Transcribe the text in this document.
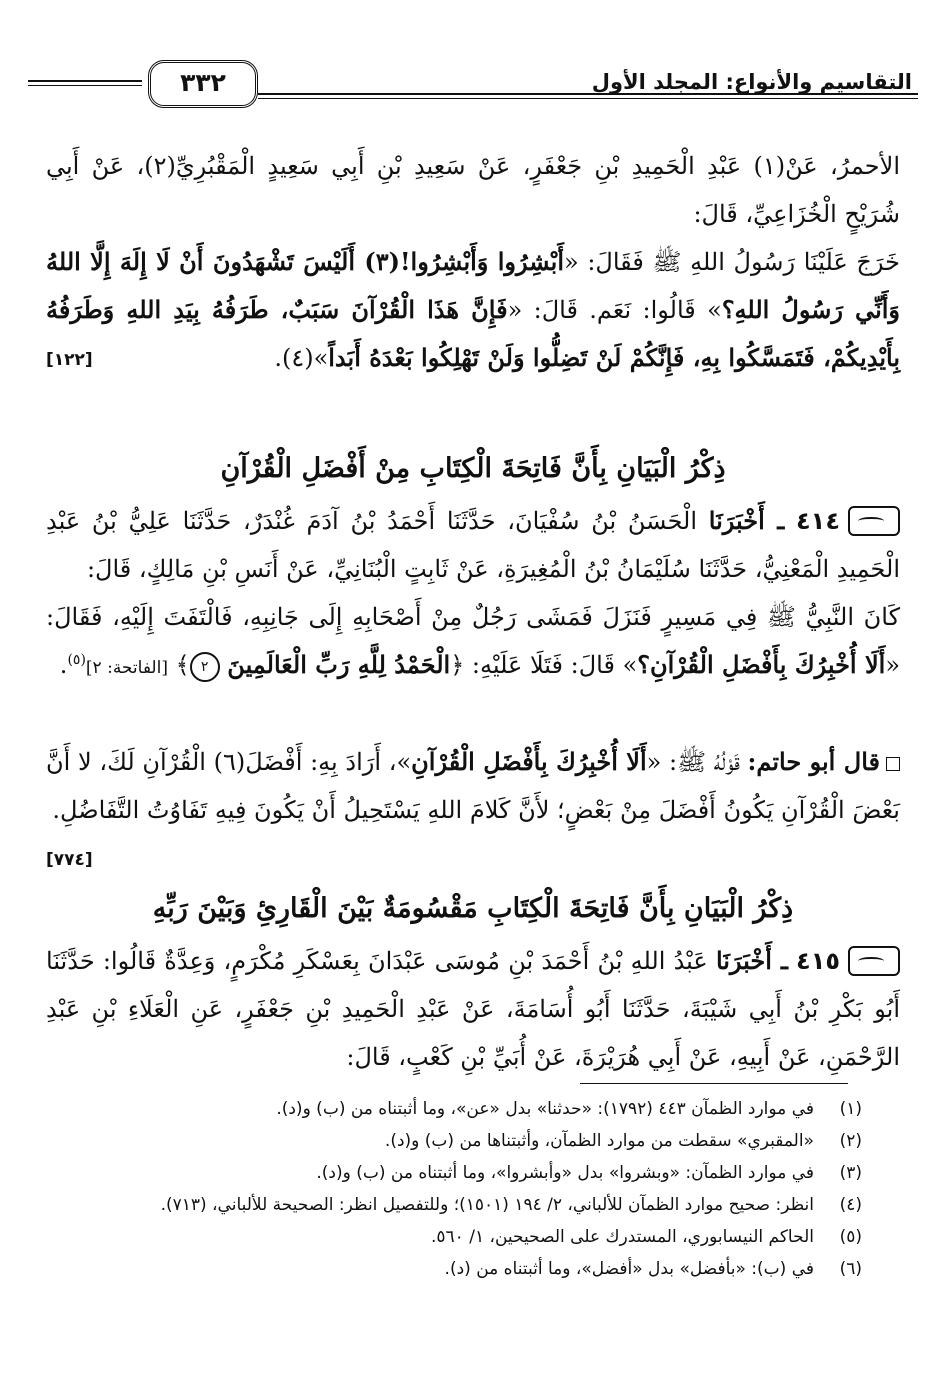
التقاسيم والأنواع: المجلد الأول
٣٣٢
الأحمرُ، عَنْ(١) عَبْدِ الْحَمِيدِ بْنِ جَعْفَرٍ، عَنْ سَعِيدِ بْنِ أَبِي سَعِيدٍ الْمَقْبُرِيِّ(٢)، عَنْ أَبِي شُرَيْحٍ الْخُزَاعِيِّ، قَالَ:
خَرَجَ عَلَيْنَا رَسُولُ اللهِ ﷺ فَقَالَ: «أَبْشِرُوا وَأَبْشِرُوا!(٣) أَلَيْسَ تَشْهَدُونَ أَنْ لَا إِلَهَ إِلَّا اللهُ وَأَنِّي رَسُولُ اللهِ؟» قَالُوا: نَعَم. قَالَ: «فَإِنَّ هَذَا الْقُرْآنَ سَبَبٌ، طَرَفُهُ بِيَدِ اللهِ وَطَرَفُهُ بِأَيْدِيكُمْ، فَتَمَسَّكُوا بِهِ، فَإِنَّكُمْ لَنْ تَضِلُّوا وَلَنْ تَهْلِكُوا بَعْدَهُ أَبَداً»(٤).
[١٢٢]
ذِكْرُ الْبَيَانِ بِأَنَّ فَاتِحَةَ الْكِتَابِ مِنْ أَفْضَلِ الْقُرْآنِ
٤١٤ ـ أَخْبَرَنَا الْحَسَنُ بْنُ سُفْيَانَ، حَدَّثَنَا أَحْمَدُ بْنُ آدَمَ غُنْدَرٌ، حَدَّثَنَا عَلِيُّ بْنُ عَبْدِ الْحَمِيدِ الْمَعْنِيُّ، حَدَّثَنَا سُلَيْمَانُ بْنُ الْمُغِيرَةِ، عَنْ ثَابِتٍ الْبُنَانِيِّ، عَنْ أَنَسِ بْنِ مَالِكٍ، قَالَ:
كَانَ النَّبِيُّ ﷺ فِي مَسِيرٍ فَنَزَلَ فَمَشَى رَجُلٌ مِنْ أَصْحَابِهِ إِلَى جَانِبِهِ، فَالْتَفَتَ إِلَيْهِ، فَقَالَ: «أَلَا أُخْبِرُكَ بِأَفْضَلِ الْقُرْآنِ؟» قَالَ: فَتَلَا عَلَيْهِ: ﴿الْحَمْدُ لِلَّهِ رَبِّ الْعَالَمِينَ ٢﴾ [الفاتحة: ٢]$^{(٥)}$.
قال أبو حاتم: قَوْلُهُ ﷺ: «أَلَا أُخْبِرُكَ بِأَفْضَلِ الْقُرْآنِ»، أَرَادَ بِهِ: أَفْضَلَ(٦) الْقُرْآنِ لَكَ، لا أَنَّ بَعْضَ الْقُرْآنِ يَكُونُ أَفْضَلَ مِنْ بَعْضٍ؛ لأَنَّ كَلامَ اللهِ يَسْتَحِيلُ أَنْ يَكُونَ فِيهِ تَفَاوُتُ التَّفَاضُلِ.
[٧٧٤]
ذِكْرُ الْبَيَانِ بِأَنَّ فَاتِحَةَ الْكِتَابِ مَقْسُومَةٌ بَيْنَ الْقَارِئِ وَبَيْنَ رَبِّهِ
٤١٥ ـ أَخْبَرَنَا عَبْدُ اللهِ بْنُ أَحْمَدَ بْنِ مُوسَى عَبْدَانَ بِعَسْكَرِ مُكْرَمٍ، وَعِدَّةٌ قَالُوا: حَدَّثَنَا أَبُو بَكْرِ بْنُ أَبِي شَيْبَةَ، حَدَّثَنَا أَبُو أُسَامَةَ، عَنْ عَبْدِ الْحَمِيدِ بْنِ جَعْفَرٍ، عَنِ الْعَلَاءِ بْنِ عَبْدِ الرَّحْمَنِ، عَنْ أَبِيهِ، عَنْ أَبِي هُرَيْرَةَ، عَنْ أُبَيِّ بْنِ كَعْبٍ، قَالَ:
(١)
في موارد الظمآن ٤٤٣ (١٧٩٢): «حدثنا» بدل «عن»، وما أثبتناه من (ب) و(د).
(٢)
«المقبري» سقطت من موارد الظمآن، وأثبتناها من (ب) و(د).
(٣)
في موارد الظمآن: «وبشروا» بدل «وأبشروا»، وما أثبتناه من (ب) و(د).
(٤)
انظر: صحيح موارد الظمآن للألباني، ٢/ ١٩٤ (١٥٠١)؛ وللتفصيل انظر: الصحيحة للألباني، (٧١٣).
(٥)
الحاكم النيسابوري، المستدرك على الصحيحين، ١/ ٥٦٠.
(٦)
في (ب): «بأفضل» بدل «أفضل»، وما أثبتناه من (د).
